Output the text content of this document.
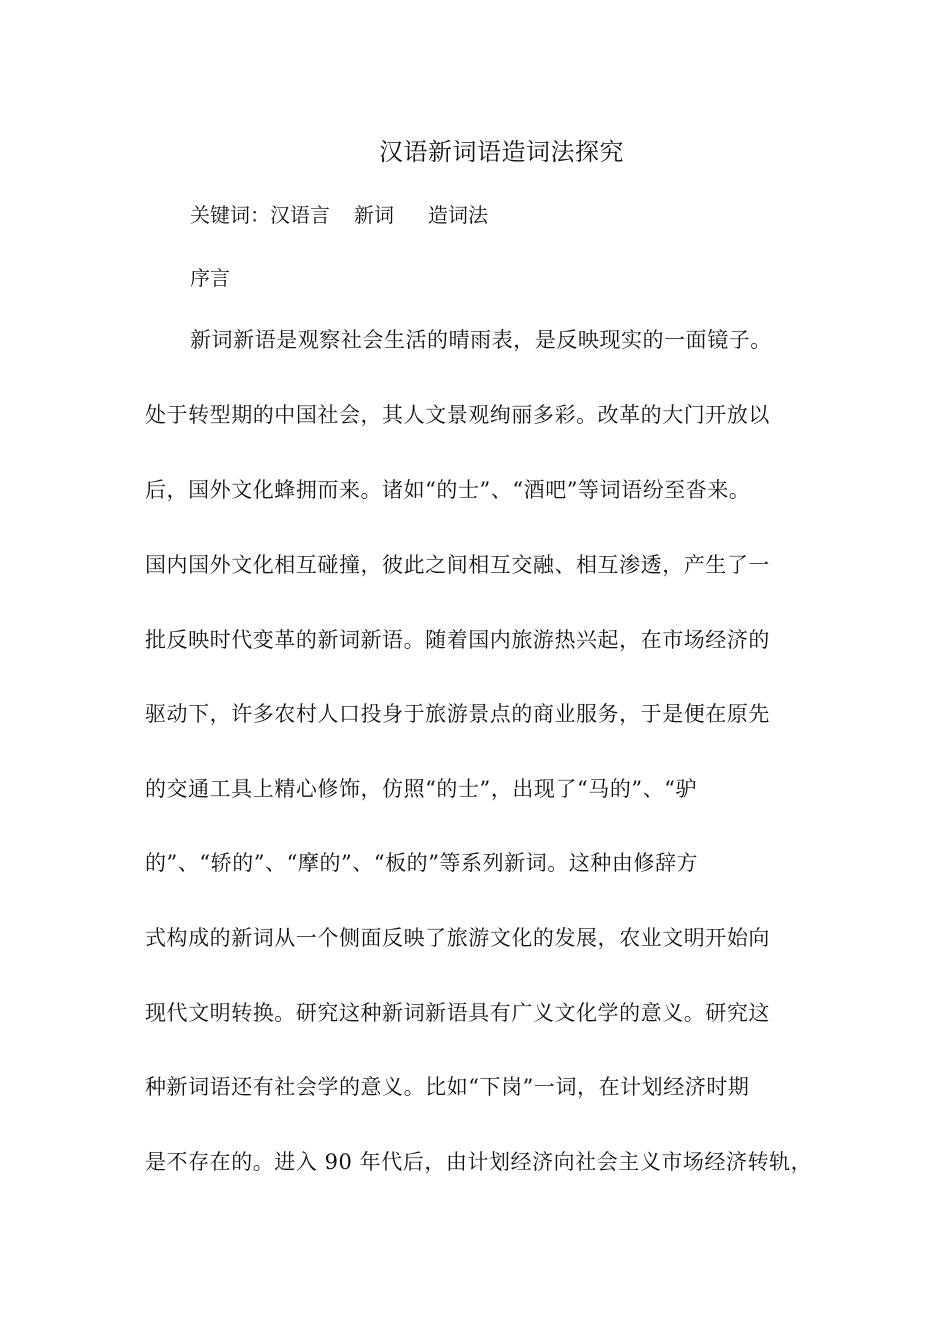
汉语新词语造词法探究
关键词：汉语言 新词 造词法
序言
新词新语是观察社会生活的晴雨表，是反映现实的一面镜子。
处于转型期的中国社会，其人文景观绚丽多彩。改革的大门开放以
后，国外文化蜂拥而来。诸如“的士”、“酒吧”等词语纷至沓来。
国内国外文化相互碰撞，彼此之间相互交融、相互渗透，产生了一
批反映时代变革的新词新语。随着国内旅游热兴起，在市场经济的
驱动下，许多农村人口投身于旅游景点的商业服务，于是便在原先
的交通工具上精心修饰，仿照“的士”，出现了“马的”、“驴
的”、“轿的”、“摩的”、“板的”等系列新词。这种由修辞方
式构成的新词从一个侧面反映了旅游文化的发展，农业文明开始向
现代文明转换。研究这种新词新语具有广义文化学的意义。研究这
种新词语还有社会学的意义。比如“下岗”一词，在计划经济时期
是不存在的。进入 90 年代后，由计划经济向社会主义市场经济转轨，
